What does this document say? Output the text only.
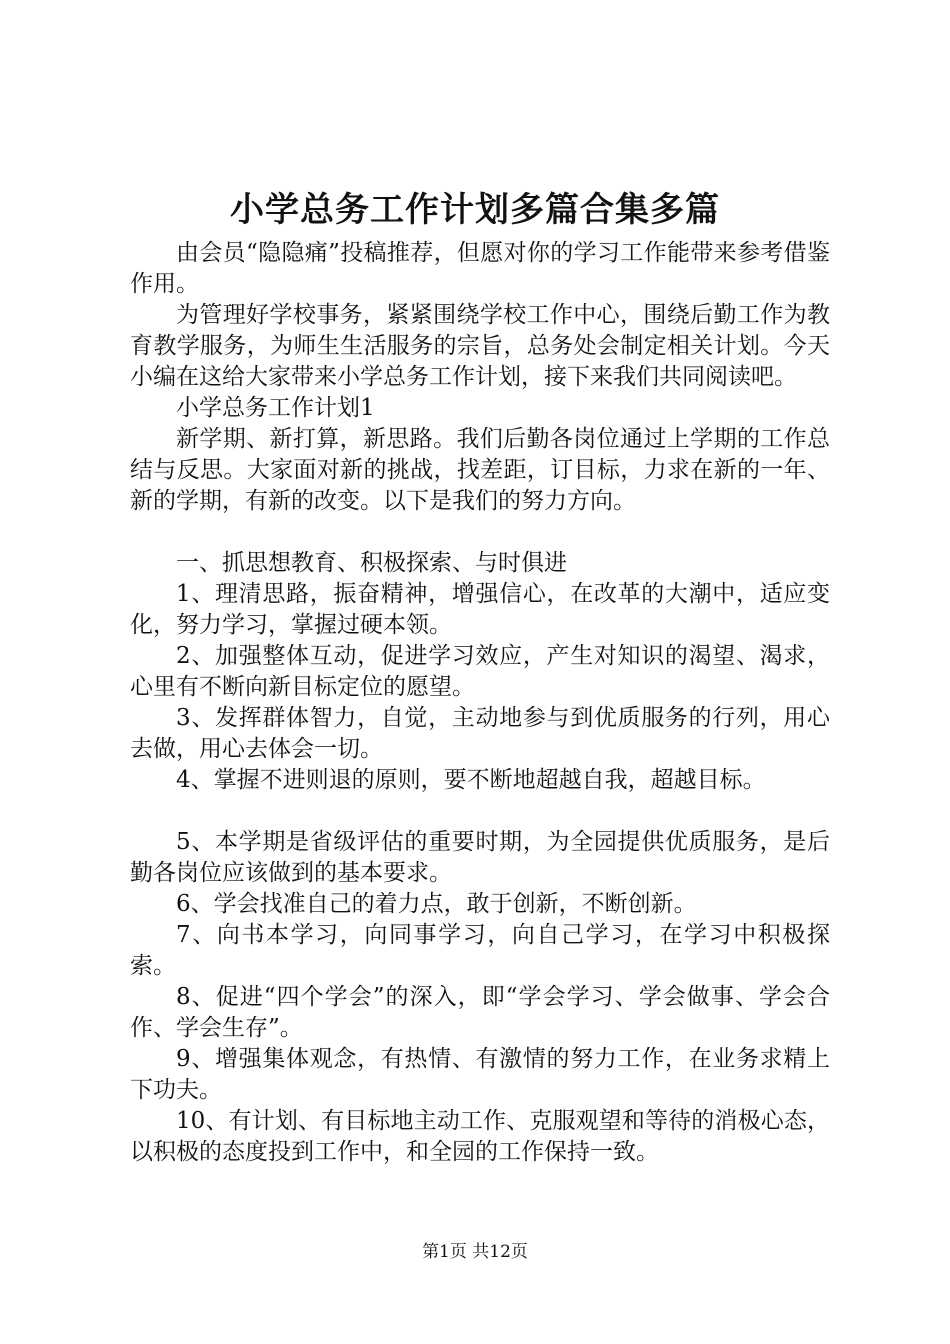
小学总务工作计划多篇合集多篇

由会员“隐隐痛”投稿推荐，但愿对你的学习工作能带来参考借鉴作用。

为管理好学校事务，紧紧围绕学校工作中心，围绕后勤工作为教育教学服务，为师生生活服务的宗旨，总务处会制定相关计划。今天小编在这给大家带来小学总务工作计划，接下来我们共同阅读吧。

小学总务工作计划1

新学期、新打算，新思路。我们后勤各岗位通过上学期的工作总结与反思。大家面对新的挑战，找差距，订目标，力求在新的一年、新的学期，有新的改变。以下是我们的努力方向。

一、抓思想教育、积极探索、与时俱进

1、理清思路，振奋精神，增强信心，在改革的大潮中，适应变化，努力学习，掌握过硬本领。

2、加强整体互动，促进学习效应，产生对知识的渴望、渴求，心里有不断向新目标定位的愿望。

3、发挥群体智力，自觉，主动地参与到优质服务的行列，用心去做，用心去体会一切。

4、掌握不进则退的原则，要不断地超越自我，超越目标。

5、本学期是省级评估的重要时期，为全园提供优质服务，是后勤各岗位应该做到的基本要求。

6、学会找准自己的着力点，敢于创新，不断创新。

7、向书本学习，向同事学习，向自己学习，在学习中积极探索。

8、促进“四个学会”的深入，即“学会学习、学会做事、学会合作、学会生存”。

9、增强集体观念，有热情、有激情的努力工作，在业务求精上下功夫。

10、有计划、有目标地主动工作、克服观望和等待的消极心态，以积极的态度投到工作中，和全园的工作保持一致。

第1页 共12页
